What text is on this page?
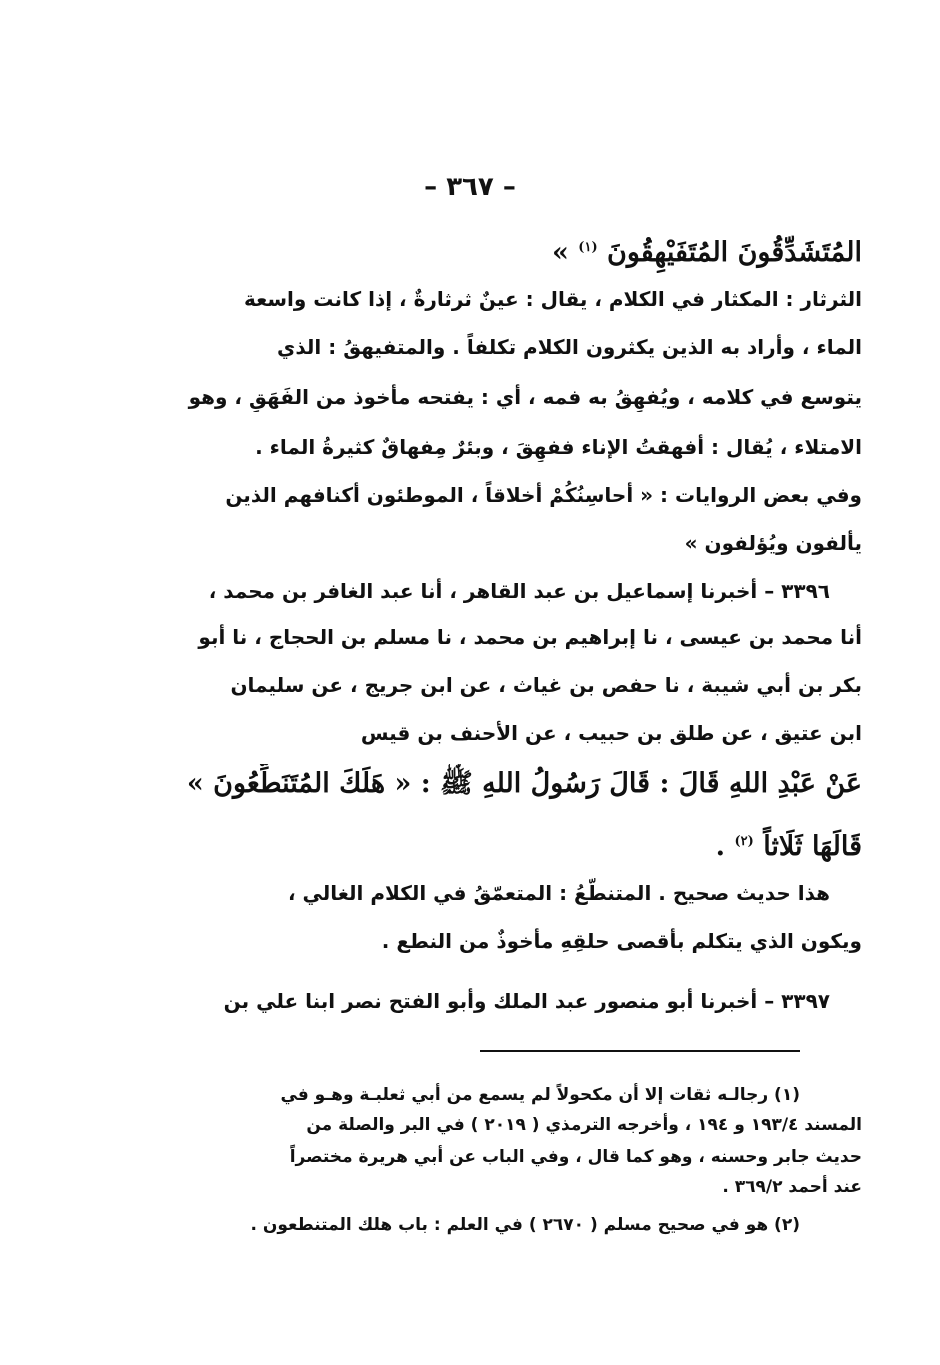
– ٣٦٧ –
المُتَشَدِّقُونَ المُتَفَيْهِقُونَ $^{(١)}$ »
الثرثار : المكثار في الكلام ، يقال : عينٌ ثرثارةٌ ، إذا كانت واسعة
الماء ، وأراد به الذين يكثرون الكلام تكلفاً . والمتفيهقُ : الذي
يتوسع في كلامه ، ويُفهِقُ به فمه ، أي : يفتحه مأخوذ من الفَهَقِ ، وهو
الامتلاء ، يُقال : أفهقتُ الإناء ففهِقَ ، وبئرٌ مِفهاقٌ كثيرةُ الماء .
وفي بعض الروايات : « أحاسِنُكُمْ أخلاقاً ، الموطئون أكنافهم الذين
يألفون ويُؤلفون »
٣٣٩٦ – أخبرنا إسماعيل بن عبد القاهر ، أنا عبد الغافر بن محمد ،
أنا محمد بن عيسى ، نا إبراهيم بن محمد ، نا مسلم بن الحجاج ، نا أبو
بكر بن أبي شيبة ، نا حفص بن غياث ، عن ابن جريج ، عن سليمان
ابن عتيق ، عن طلق بن حبيب ، عن الأحنف بن قيس
عَنْ عَبْدِ اللهِ قَالَ : قَالَ رَسُولُ اللهِ ﷺ : « هَلَكَ المُتَنَطِّعُونَ »
قَالَهَا ثَلَاثاً $^{(٢)}$ .
هذا حديث صحيح . المتنطّعُ : المتعمّقُ في الكلام الغالي ،
ويكون الذي يتكلم بأقصى حلقِهِ مأخوذٌ من النطع .
٣٣٩٧ – أخبرنا أبو منصور عبد الملك وأبو الفتح نصر ابنا علي بن
(١) رجالـه ثقات إلا أن مكحولاً لم يسمع من أبي ثعلبـة وهـو في
المسند ١٩٣/٤ و ١٩٤ ، وأخرجه الترمذي ( ٢٠١٩ ) في البر والصلة من
حديث جابر وحسنه ، وهو كما قال ، وفي الباب عن أبي هريرة مختصراً
عند أحمد ٣٦٩/٢ .
(٢) هو في صحيح مسلم ( ٢٦٧٠ ) في العلم : باب هلك المتنطعون .
